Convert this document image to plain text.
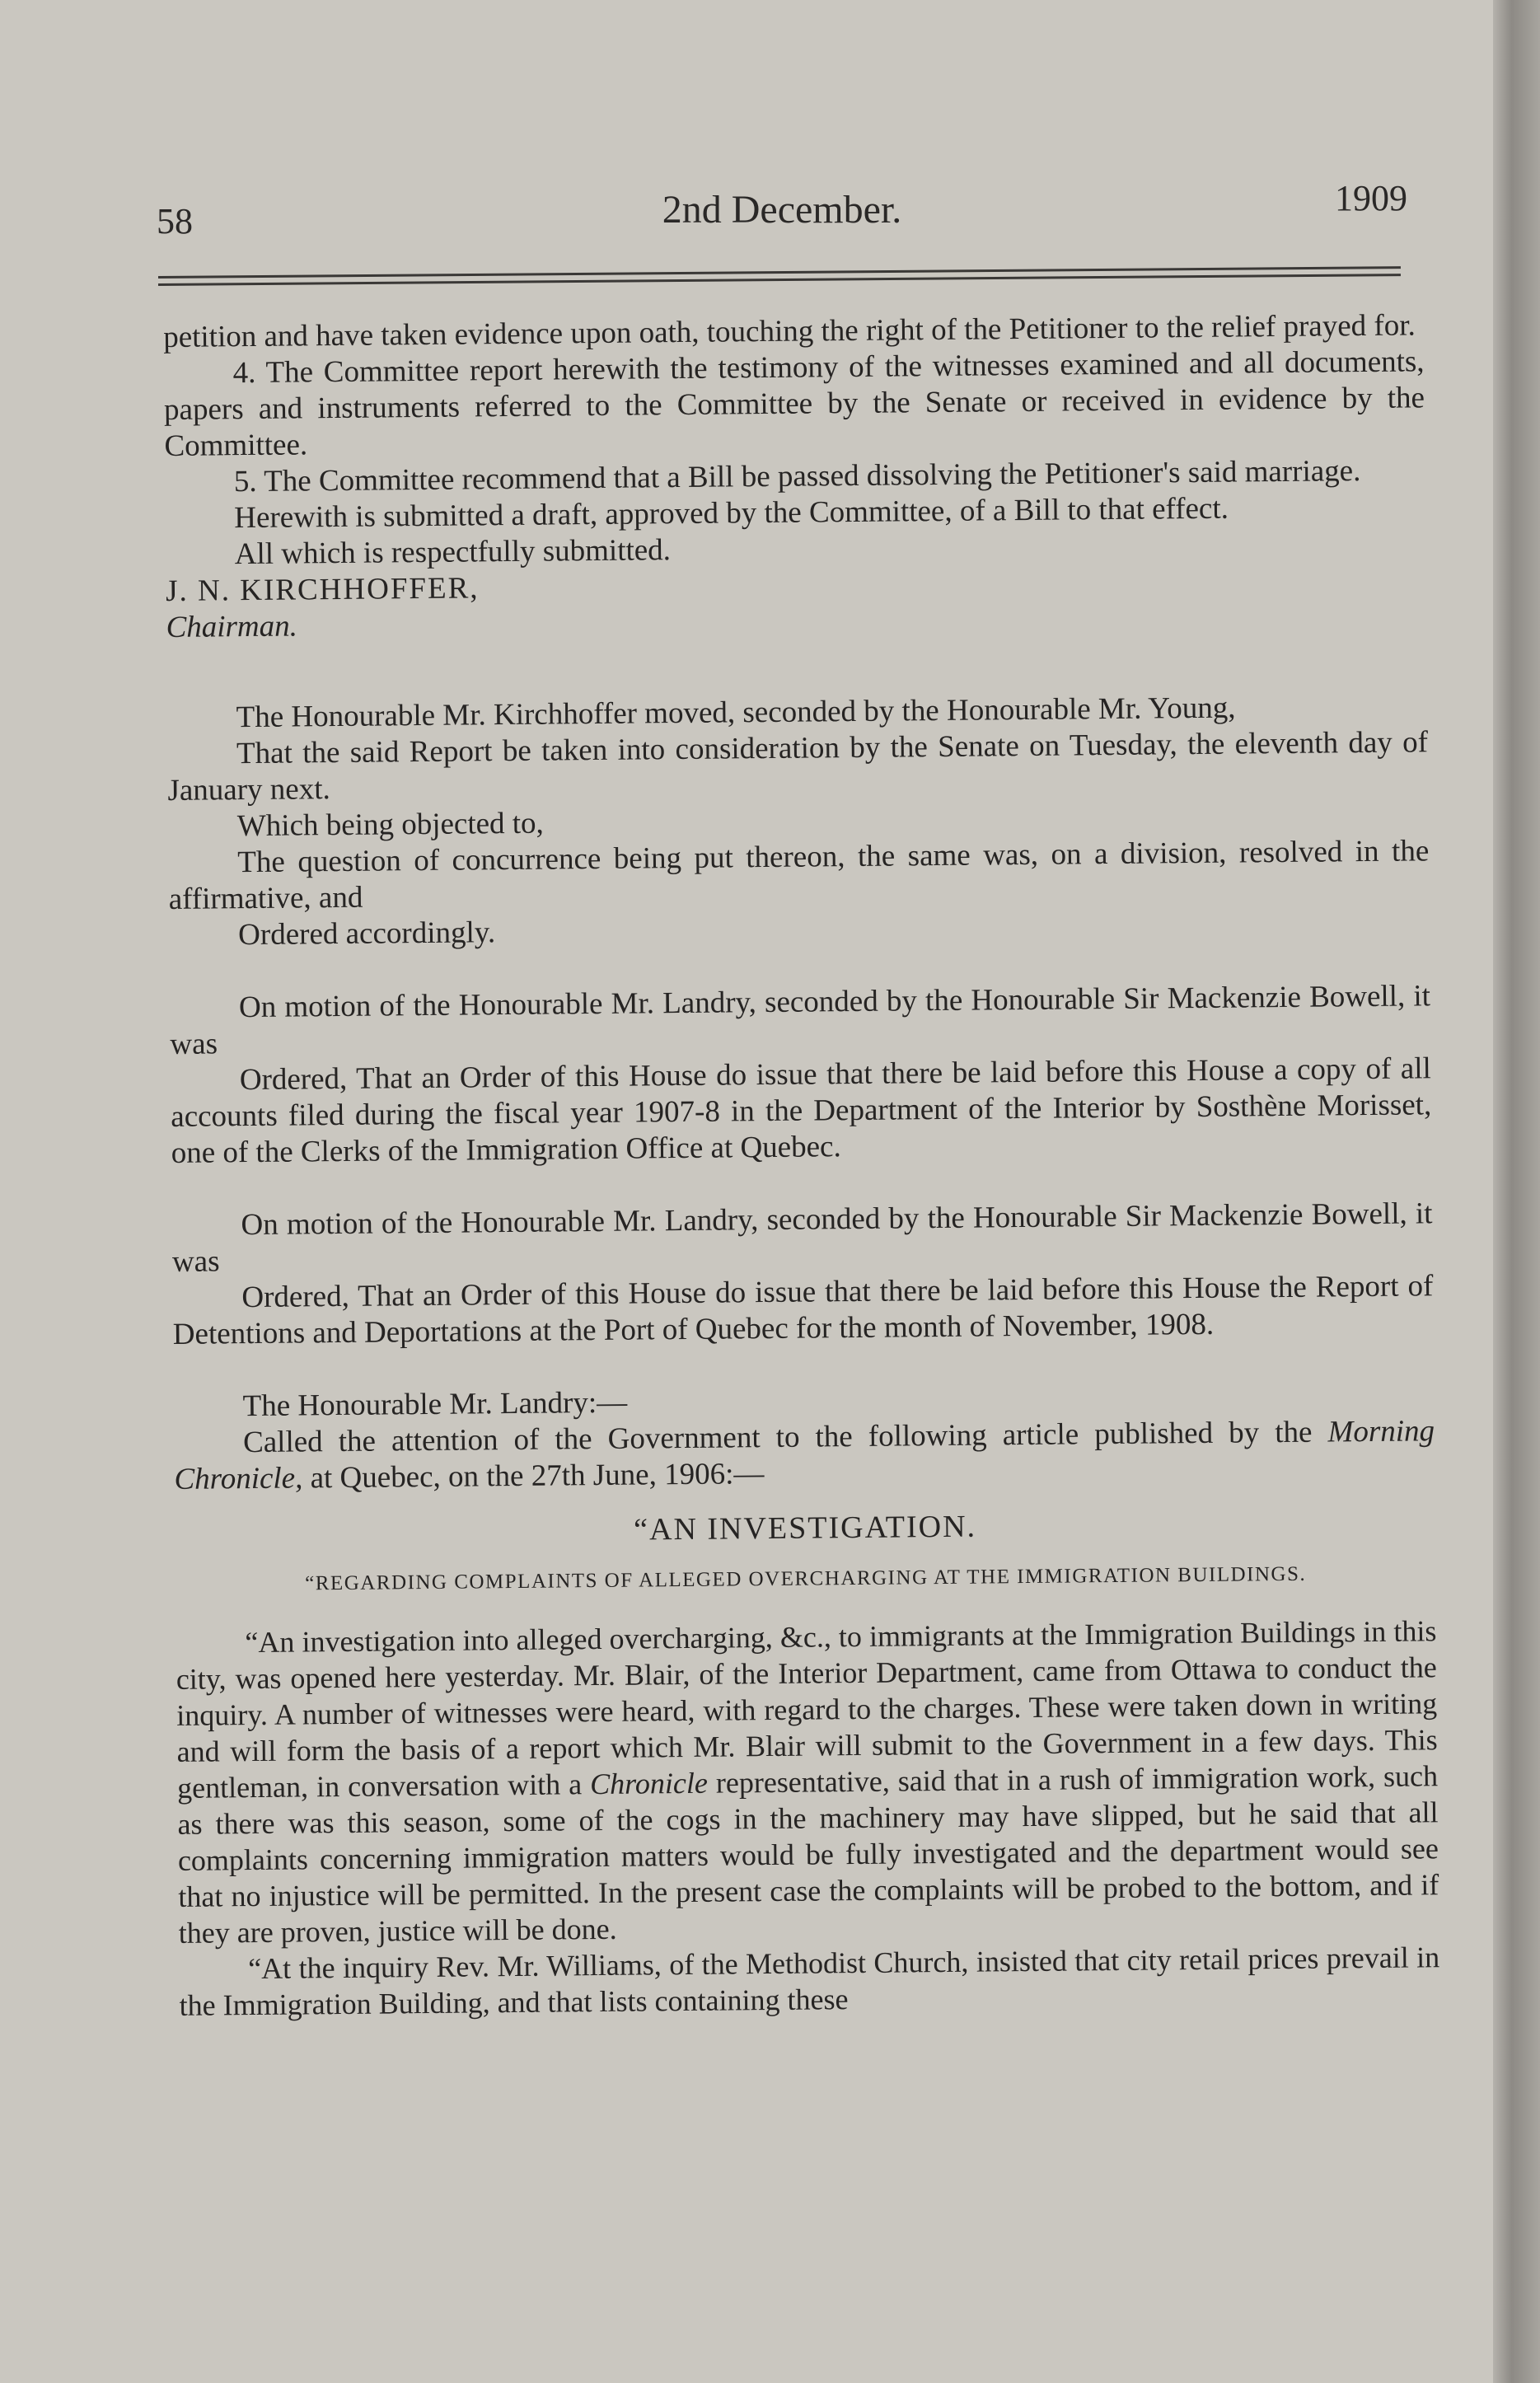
58	2nd December.	1909

petition and have taken evidence upon oath, touching the right of the Petitioner to the relief prayed for.

4. The Committee report herewith the testimony of the witnesses examined and all documents, papers and instruments referred to the Committee by the Senate or received in evidence by the Committee.

5. The Committee recommend that a Bill be passed dissolving the Petitioner's said marriage.

Herewith is submitted a draft, approved by the Committee, of a Bill to that effect.

All which is respectfully submitted.

J. N. KIRCHHOFFER,

Chairman.

The Honourable Mr. Kirchhoffer moved, seconded by the Honourable Mr. Young,

That the said Report be taken into consideration by the Senate on Tuesday, the eleventh day of January next.

Which being objected to,

The question of concurrence being put thereon, the same was, on a division, resolved in the affirmative, and

Ordered accordingly.

On motion of the Honourable Mr. Landry, seconded by the Honourable Sir Mackenzie Bowell, it was

Ordered, That an Order of this House do issue that there be laid before this House a copy of all accounts filed during the fiscal year 1907-8 in the Department of the Interior by Sosthène Morisset, one of the Clerks of the Immigration Office at Quebec.

On motion of the Honourable Mr. Landry, seconded by the Honourable Sir Mackenzie Bowell, it was

Ordered, That an Order of this House do issue that there be laid before this House the Report of Detentions and Deportations at the Port of Quebec for the month of November, 1908.

The Honourable Mr. Landry:—

Called the attention of the Government to the following article published by the Morning Chronicle, at Quebec, on the 27th June, 1906:—

“AN INVESTIGATION.
“REGARDING COMPLAINTS OF ALLEGED OVERCHARGING AT THE IMMIGRATION BUILDINGS.

“An investigation into alleged overcharging, &c., to immigrants at the Immigration Buildings in this city, was opened here yesterday. Mr. Blair, of the Interior Department, came from Ottawa to conduct the inquiry. A number of witnesses were heard, with regard to the charges. These were taken down in writing and will form the basis of a report which Mr. Blair will submit to the Government in a few days. This gentleman, in conversation with a Chronicle representative, said that in a rush of immigration work, such as there was this season, some of the cogs in the machinery may have slipped, but he said that all complaints concerning immigration matters would be fully investigated and the department would see that no injustice will be permitted. In the present case the complaints will be probed to the bottom, and if they are proven, justice will be done.

“At the inquiry Rev. Mr. Williams, of the Methodist Church, insisted that city retail prices prevail in the Immigration Building, and that lists containing these
